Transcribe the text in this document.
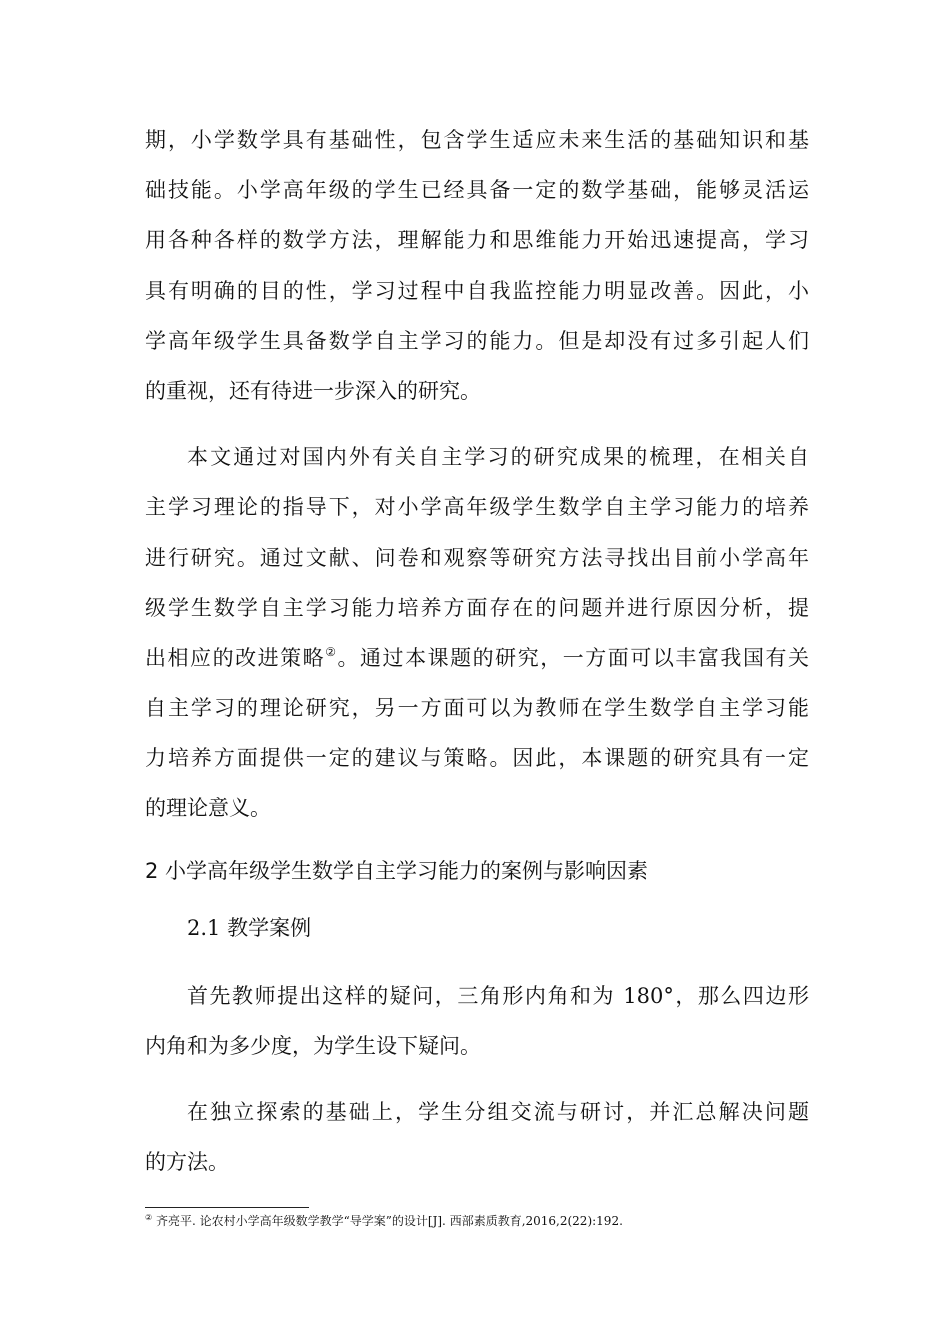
期，小学数学具有基础性，包含学生适应未来生活的基础知识和基
础技能。小学高年级的学生已经具备一定的数学基础，能够灵活运
用各种各样的数学方法，理解能力和思维能力开始迅速提高，学习
具有明确的目的性，学习过程中自我监控能力明显改善。因此，小
学高年级学生具备数学自主学习的能力。但是却没有过多引起人们
的重视，还有待进一步深入的研究。
本文通过对国内外有关自主学习的研究成果的梳理，在相关自
主学习理论的指导下，对小学高年级学生数学自主学习能力的培养
进行研究。通过文献、问卷和观察等研究方法寻找出目前小学高年
级学生数学自主学习能力培养方面存在的问题并进行原因分析，提
出相应的改进策略②。通过本课题的研究，一方面可以丰富我国有关
自主学习的理论研究，另一方面可以为教师在学生数学自主学习能
力培养方面提供一定的建议与策略。因此，本课题的研究具有一定
的理论意义。
2 小学高年级学生数学自主学习能力的案例与影响因素
2.1 教学案例
首先教师提出这样的疑问，三角形内角和为 180°，那么四边形
内角和为多少度，为学生设下疑问。
在独立探索的基础上，学生分组交流与研讨，并汇总解决问题
的方法。
② 齐亮平. 论农村小学高年级数学教学“导学案”的设计[J]. 西部素质教育,2016,2(22):192.
